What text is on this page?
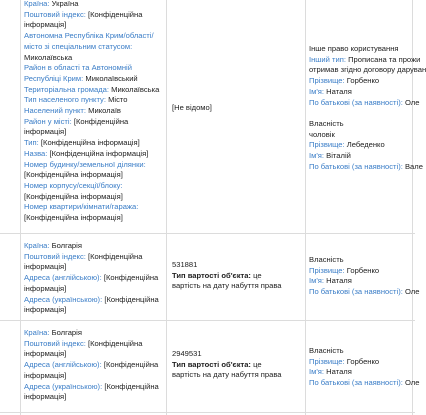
Країна: Україна
Поштовий індекс: [Конфіденційна
інформація]
Автономна Республіка Крим/області/
місто зі спеціальним статусом:
Миколаївська
Район в області та Автономній
Республіці Крим: Миколаївський
Територіальна громада: Миколаївська
Тип населеного пункту: Місто
Населений пункт: Миколаїв
Район у місті: [Конфіденційна
інформація]
Тип: [Конфіденційна інформація]
Назва: [Конфіденційна інформація]
Номер будинку/земельної ділянки:
[Конфіденційна інформація]
Номер корпусу/секції/блоку:
[Конфіденційна інформація]
Номер квартири/кімнати/гаража:
[Конфіденційна інформація]
[Не відомо]
Інше право користування
Інший тип: Прописана та прожи
отримав згідно договору даруван
Прізвище: Горбенко
Ім'я: Наталя
По батькові (за наявності): Оле

Власність
чоловік
Прізвище: Лебеденко
Ім'я: Віталій
По батькові (за наявності): Вале
Країна: Болгарія
Поштовий індекс: [Конфіденційна
інформація]
Адреса (англійською): [Конфіденційна
інформація]
Адреса (українською): [Конфіденційна
інформація]
531881
Тип вартості об'єкта: це
вартість на дату набуття права
Власність
Прізвище: Горбенко
Ім'я: Наталя
По батькові (за наявності): Оле
Країна: Болгарія
Поштовий індекс: [Конфіденційна
інформація]
Адреса (англійською): [Конфіденційна
інформація]
Адреса (українською): [Конфіденційна
інформація]
2949531
Тип вартості об'єкта: це
вартість на дату набуття права
Власність
Прізвище: Горбенко
Ім'я: Наталя
По батькові (за наявності): Оле
